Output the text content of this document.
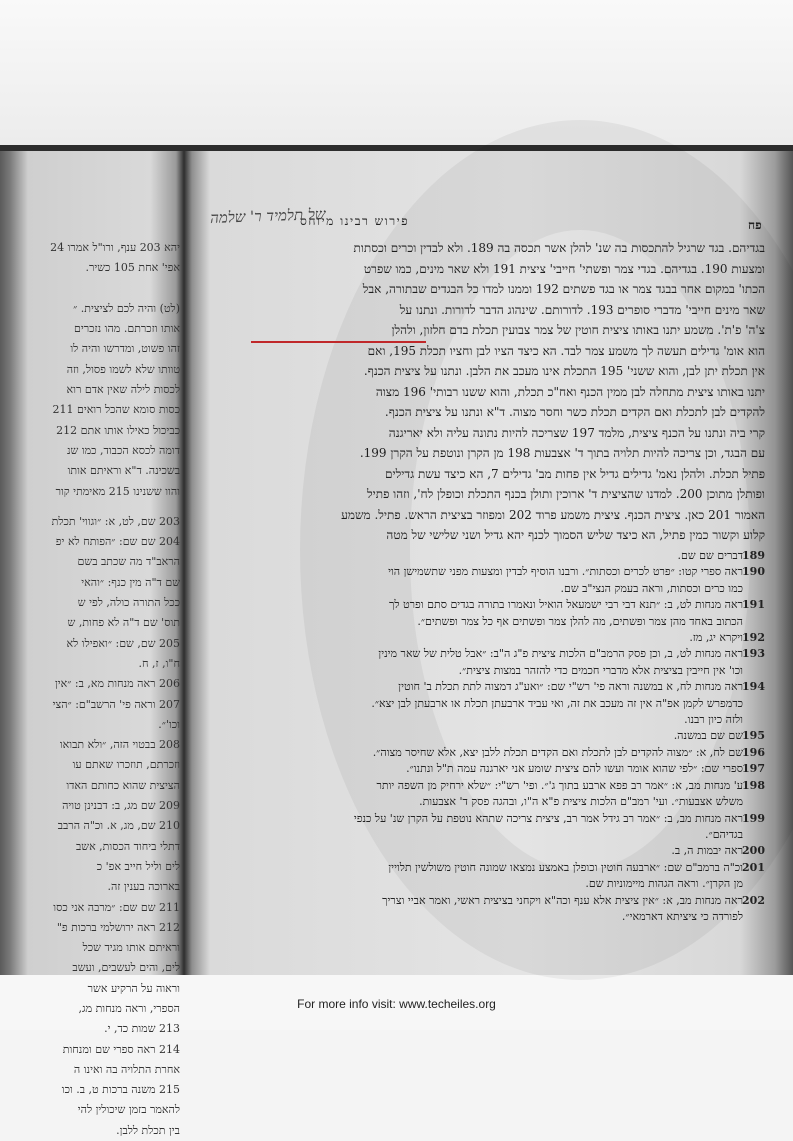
פח
פירוש רבינו מיוחס
של תלמיד ר' שלמה
בגדיהם. בגד שרגיל להתכסות בה שנ' להלן אשר תכסה בה 189. ולא לבדין וכרים וכסתות
ומצעות 190. בגדיהם. בגדי צמר ופשתי' חייבי' ציצית 191 ולא שאר מינים, כמו שפרט
הכתו' במקום אחר בבגד צמר או בגד פשתים 192 וממנו למדו כל הבגדים שבתורה, אבל
שאר מינים חייבי' מדברי סופרים 193. לדורותם. שינהוג הדבר לדורות. ונתנו על
צ'ה' פ'ת'. משמע יתנו באותו ציצית חוטין של צמר צבועין תכלת בדם חלזון, ולהלן
הוא אומ' גדילים תעשה לך משמע צמר לבד. הא כיצד הציו לבן וחציו תכלת 195, ואם
אין תכלת יתן לבן, והוא ששני' 195 התכלת אינו מעכב את הלבן. ונתנו על ציצית הכנף.
יתנו באותו ציצית מתחלה לבן ממין הכנף ואח"כ תכלת, והוא ששנו רבותי' 196 מצוה
להקדים לבן לתכלת ואם הקדים תכלת כשר וחסר מצוה. ד"א ונתנו על ציצית הכנף.
קרי ביה ונתנו על הכנף ציצית, מלמד 197 שצריכה להיות נתונה עליה ולא יאריגנה
עם הבגד, וכן צריכה להיות תלויה בתוך ד' אצבעות 198 מן הקרן ונוטפת על הקרן 199.
פתיל תכלת. ולהלן נאמ' גדילים גדיל אין פחות מב' גדילים 7, הא כיצד עשת גדילים
ופותלן מתוכן 200. למדנו שהציצית ד' ארוכין ותולן בכנף התכלת וכופלן לח', וזהו פתיל
האמור 201 כאן. ציצית הכנף. ציצית משמע פרוד 202 ומפוזר בציצית הראש. פתיל. משמע
קלוע וקשור כמין פתיל, הא כיצד שליש הסמוך לכנף יהא גדיל ושני שלישי של מטה
יהא 203 ענף, ורו"ל אמרו 24
אפי' אחת 105 כשיר.

(לט) והיה לכם לציצית. ״
אותו וזכרתם. מהו נזכרים
זהו פשוט, ומדרשו והיה לו
טוותו שלא לשמו פסול, וזה
לכסות לילה שאין אדם רוא
כסות סומא שהכל רואים 211
כביכול כאילו אותו אתם 212
דומה לכסא הכבוד, כמו שנ
בשכינה. ד"א וראיתם אותו
והוו ששנינו 215 מאימתי קור
203 שם, לט, א: ״וגווי' תכלת
204 שם שם: ״הפותח לא יפ
הראב"ד מה שכתב בשם
שם ד"ה מין כנף: ״והאי
ככל התורה כולה, לפי ש
תוס' שם ד"ה לא פחות, ש
205 שם, שם: ״ואפילו לא
ח"ו, ז, ח.
206 ראה מנחות מא, ב: ״אין
207 וראה פי' הרשב"ם: ״הצי
וכו'״.
208 בבטוי הזה, ״ולא תבואו
וזכרתם, תוזכרו שאתם עו
הציצית שהוא כחותם האדו
209 שם מג, ב: דבנינן טויה
210 שם, מג, א. וכ"ה הרבב
דתלי ביחוד הכסות, אשב
לים וליל חייב אפ' כ
בארוכה בענין זה.
211 שם שם: ״מרבה אני כסו
212 ראה ירושלמי ברכות פ"
וראיתם אותו מגיד שכל
לים, והים לעשבים, ועשב
וראוה על הרקיע אשר
הספרי, וראה מנחות מג,
213 שמות כד, י.
214 ראה ספרי שם ומנחות
אחרת התלויה בה ואינו ה
215 משנה ברכות ט, ב. וכו
להאמר בזמן שיכולין להי
בין תכלת ללבן.
189דברים שם שם.
190ראה ספרי קטו: ״פרט לכרים וכסתות״. ורבנו הוסיף לבדין ומצעות מפני שתשמישן הוי
כמו כרים וכסתות, וראה בעמק הנצי"ב שם.
191ראה מנחות לט, ב: ״תנא דבי רבי ישמעאל הואיל ונאמרו בתורה בגדים סתם ופרט לך
הכתוב באחד מהן צמר ופשתים, מה להלן צמר ופשתים אף כל צמר ופשתים״.
192ויקרא יג, מז.
193ראה מנחות לט, ב, וכן פסק הרמב"ם הלכות ציצית פ"ג ה"ב: ״אבל טלית של שאר מינין
וכו' אין חייבין בציצית אלא מדברי חכמים כדי להזהר במצות ציצית״.
194ראה מנחות לח, א במשנה וראה פי' רש"י שם: ״ואע"ג דמצוה לתת תכלת ב' חוטין
כדמפרש לקמן אפ"ה אין זה מעכב את זה, ואי עביד ארבעתן תכלת או ארבעתן לבן יצא״.
ולזה כיון רבנו.
195שם שם במשנה.
196שם לח, א: ״מצוה להקדים לבן לתכלת ואם הקדים תכלת ללבן יצא, אלא שחיסר מצוה״.
197ספרי שם: ״לפי שהוא אומר ועשו להם ציצית שומע אני יארגנה עמה ת"ל ונתנו״.
198ע' מנחות מב, א: ״אמר רב פפא ארבע בתוך ג'״. ופי' רש"י: ״שלא ירחיק מן השפה יותר
משלש אצבעות״. ועי' רמב"ם הלכות ציצית פ"א ה"ו, ובהגה פסק ד' אצבעות.
199ראה מנחות מב, ב: ״אמר רב גידל אמר רב, ציצית צריכה שתהא נוטפת על הקרן שנ' על כנפי
בגדיהם״.
200ראה יבמות ה, ב.
201וכ"ה ברמב"ם שם: ״ארבעה חוטין וכופלן באמצע נמצאו שמונה חוטין משולשין תלויין
מן הקרן״. וראה הגהות מיימוניות שם.
202ראה מנחות מב, א: ״אין ציצית אלא ענף וכה"א ויקחני בציצית ראשי, ואמר אביי וצריך
לפורדה כי ציציתא דארמאי״.
For more info visit: www.techeiles.org
